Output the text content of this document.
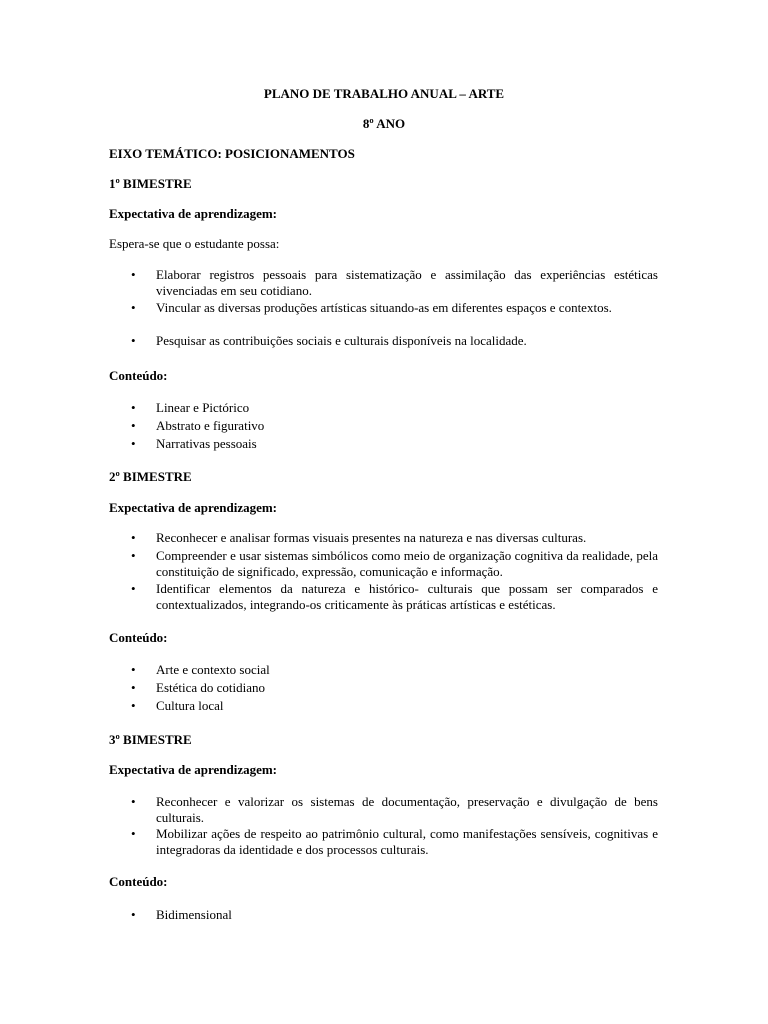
PLANO DE TRABALHO ANUAL – ARTE
8º ANO
EIXO TEMÁTICO: POSICIONAMENTOS
1º BIMESTRE
Expectativa de aprendizagem:
Espera-se que o estudante possa:
• Elaborar registros pessoais para sistematização e assimilação das experiências estéticas vivenciadas em seu cotidiano.
• Vincular as diversas produções artísticas situando-as em diferentes espaços e contextos.
• Pesquisar as contribuições sociais e culturais disponíveis na localidade.
Conteúdo:
• Linear e Pictórico
• Abstrato e figurativo
• Narrativas pessoais
2º BIMESTRE
Expectativa de aprendizagem:
• Reconhecer e analisar formas visuais presentes na natureza e nas diversas culturas.
• Compreender e usar sistemas simbólicos como meio de organização cognitiva da realidade, pela constituição de significado, expressão, comunicação e informação.
• Identificar elementos da natureza e histórico- culturais que possam ser comparados e contextualizados, integrando-os criticamente às práticas artísticas e estéticas.
Conteúdo:
• Arte e contexto social
• Estética do cotidiano
• Cultura local
3º BIMESTRE
Expectativa de aprendizagem:
• Reconhecer e valorizar os sistemas de documentação, preservação e divulgação de bens culturais.
• Mobilizar ações de respeito ao patrimônio cultural, como manifestações sensíveis, cognitivas e integradoras da identidade e dos processos culturais.
Conteúdo:
• Bidimensional
